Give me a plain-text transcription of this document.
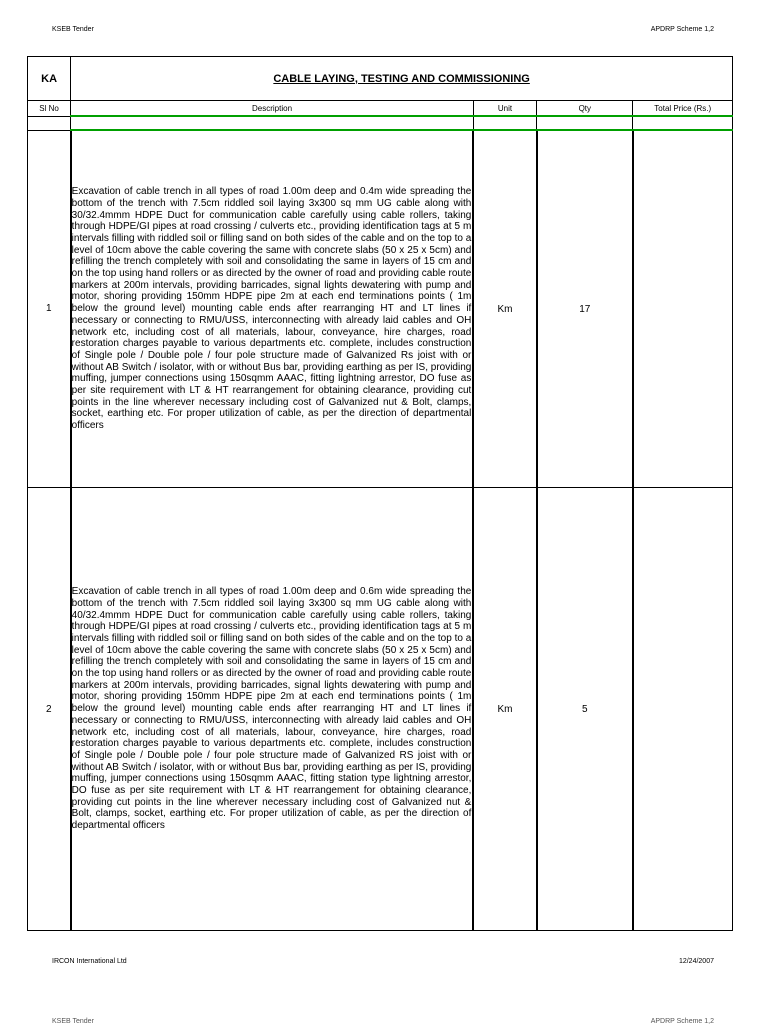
KSEB Tender	APDRP Scheme 1,2
KA	CABLE LAYING, TESTING AND COMMISSIONING			
Sl No	Description	Unit	Qty	Total Price (Rs.)

1	Excavation of cable trench in all types of road 1.00m deep and 0.4m wide spreading the bottom of the trench with 7.5cm riddled soil laying 3x300 sq mm UG cable along with 30/32.4mmm HDPE Duct for communication cable carefully using cable rollers, taking through HDPE/GI pipes at road crossing / culverts etc., providing identification tags at 5 m intervals filling with riddled soil or filling sand on both sides of the cable and on the top to a level of 10cm above the cable covering the same with concrete slabs (50 x 25 x 5cm) and refilling the trench completely with soil and consolidating the same in layers of 15 cm and on the top using hand rollers or as directed by the owner of road and providing cable route markers at 200m intervals, providing barricades, signal lights dewatering with pump and motor, shoring providing 150mm HDPE pipe 2m at each end terminations points ( 1m below the ground level) mounting cable ends after rearranging HT and LT lines if necessary or connecting to RMU/USS, interconnecting with already laid cables and OH network etc, including cost of all materials, labour, conveyance, hire charges, road restoration charges payable to various departments etc. complete, includes construction of Single pole / Double pole / four pole structure made of Galvanized Rs joist with or without AB Switch / isolator, with or without Bus bar, providing earthing as per IS, providing muffing, jumper connections using 150sqmm AAAC, fitting lightning arrestor, DO fuse as per site requirement with LT & HT rearrangement for obtaining clearance, providing cut points in the line wherever necessary including cost of Galvanized nut & Bolt, clamps, socket, earthing etc. For proper utilization of cable, as per the direction of departmental officers	Km	17	
2	Excavation of cable trench in all types of road 1.00m deep and 0.6m wide spreading the bottom of the trench with 7.5cm riddled soil laying 3x300 sq mm UG cable along with 40/32.4mmm HDPE Duct for communication cable carefully using cable rollers, taking through HDPE/GI pipes at road crossing / culverts etc., providing identification tags at 5 m intervals filling with riddled soil or filling sand on both sides of the cable and on the top to a level of 10cm above the cable covering the same with concrete slabs (50 x 25 x 5cm) and refilling the trench completely with soil and consolidating the same in layers of 15 cm and on the top using hand rollers or as directed by the owner of road and providing cable route markers at 200m intervals, providing barricades, signal lights dewatering with pump and motor, shoring providing 150mm HDPE pipe 2m at each end terminations points ( 1m below the ground level) mounting cable ends after rearranging HT and LT lines if necessary or connecting to RMU/USS, interconnecting with already laid cables and OH network etc, including cost of all materials, labour, conveyance, hire charges, road restoration charges payable to various departments etc. complete, includes construction of Single pole / Double pole / four pole structure made of Galvanized RS joist with or without AB Switch / isolator, with or without Bus bar, providing earthing as per IS, providing muffing, jumper connections using 150sqmm AAAC, fitting station type lightning arrestor, DO fuse as per site requirement with LT & HT rearrangement for obtaining clearance, providing cut points in the line wherever necessary including cost of Galvanized nut & Bolt, clamps, socket, earthing etc. For proper utilization of cable, as per the direction of departmental officers	Km	5	
IRCON International Ltd	12/24/2007
KSEB Tender	APDRP Scheme 1,2
